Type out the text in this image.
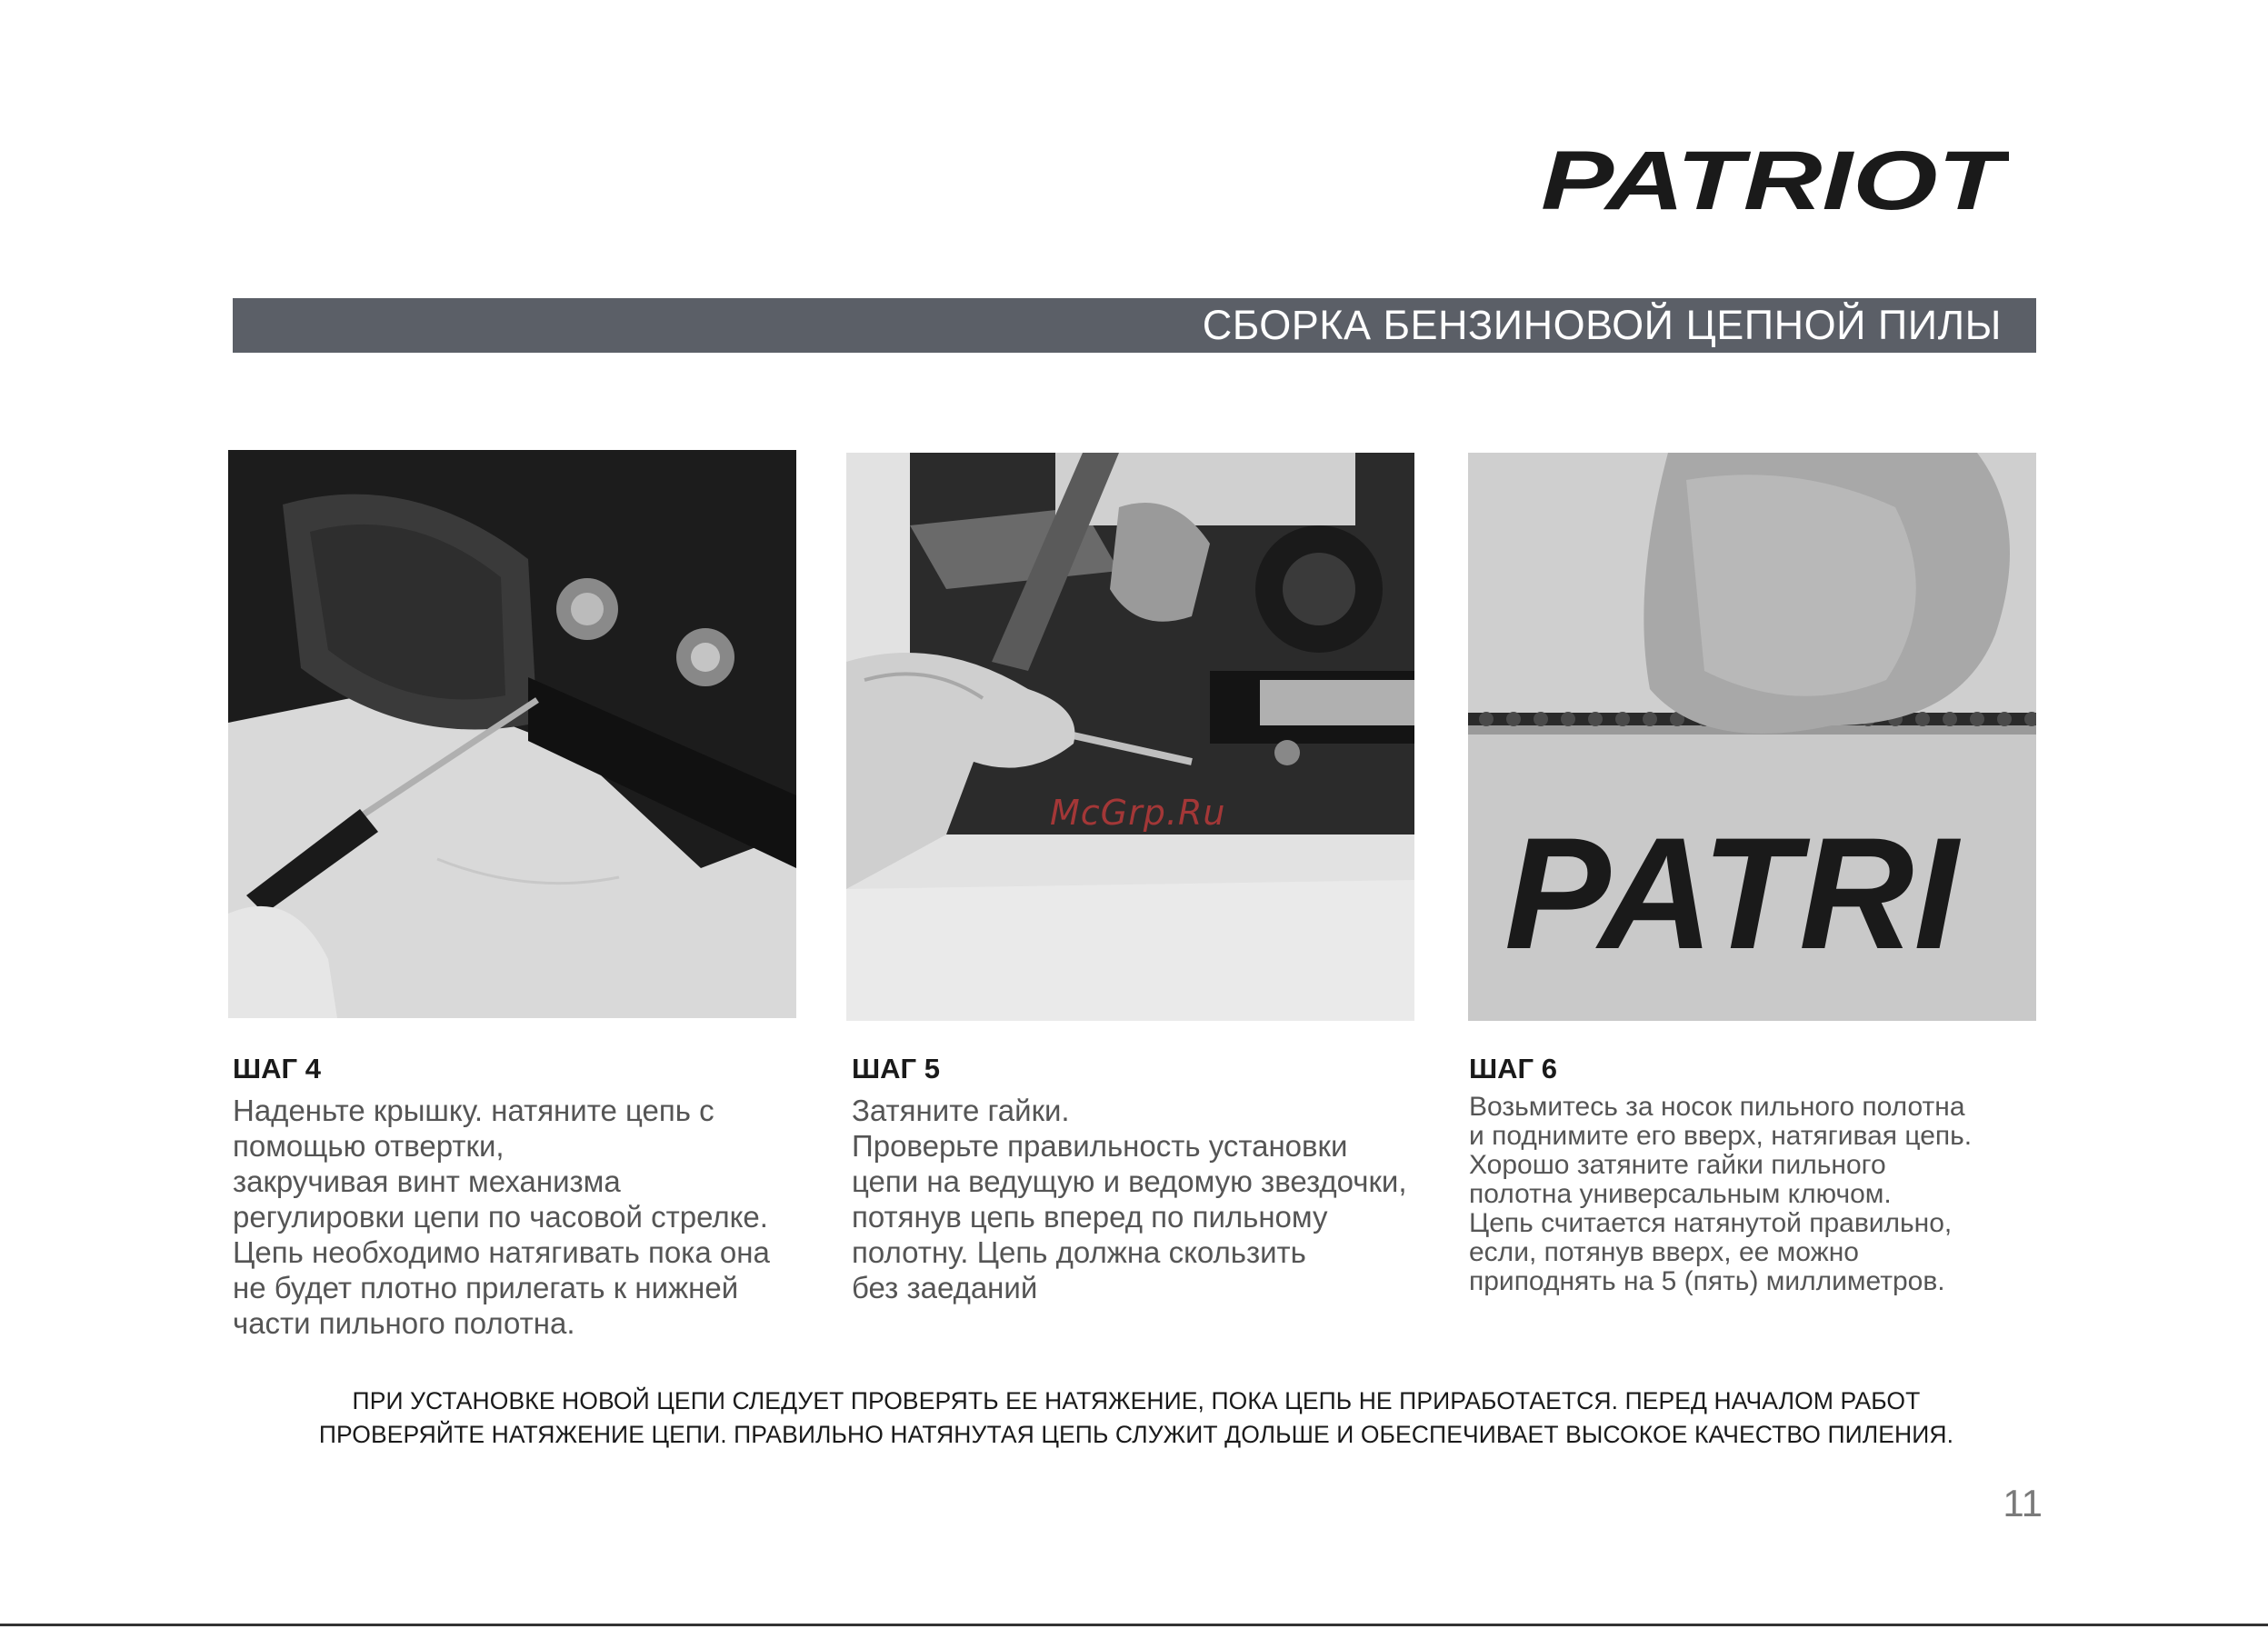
PATRIOT
СБОРКА БЕНЗИНОВОЙ ЦЕПНОЙ ПИЛЫ
PATRI
McGrp.Ru
ШАГ 4

Наденьте крышку. натяните цепь с
помощью отвертки,
закручивая винт механизма
регулировки цепи по часовой стрелке.
Цепь необходимо натягивать пока она
не будет плотно прилегать к нижней
части пильного полотна.

ШАГ 5

Затяните гайки.
Проверьте правильность установки
цепи на ведущую и ведомую звездочки,
потянув цепь вперед по пильному
полотну. Цепь должна скользить
без заеданий

ШАГ 6

Возьмитесь за носок пильного полотна
и поднимите его вверх, натягивая цепь.
Хорошо затяните гайки пильного
полотна универсальным ключом.
Цепь считается натянутой правильно,
если, потянув вверх, ее можно
приподнять на 5 (пять) миллиметров.

ПРИ УСТАНОВКЕ НОВОЙ ЦЕПИ СЛЕДУЕТ ПРОВЕРЯТЬ ЕЕ НАТЯЖЕНИЕ, ПОКА ЦЕПЬ НЕ ПРИРАБОТАЕТСЯ. ПЕРЕД НАЧАЛОМ РАБОТ
ПРОВЕРЯЙТЕ НАТЯЖЕНИЕ ЦЕПИ. ПРАВИЛЬНО НАТЯНУТАЯ ЦЕПЬ СЛУЖИТ ДОЛЬШЕ И ОБЕСПЕЧИВАЕТ ВЫСОКОЕ КАЧЕСТВО ПИЛЕНИЯ.
11
